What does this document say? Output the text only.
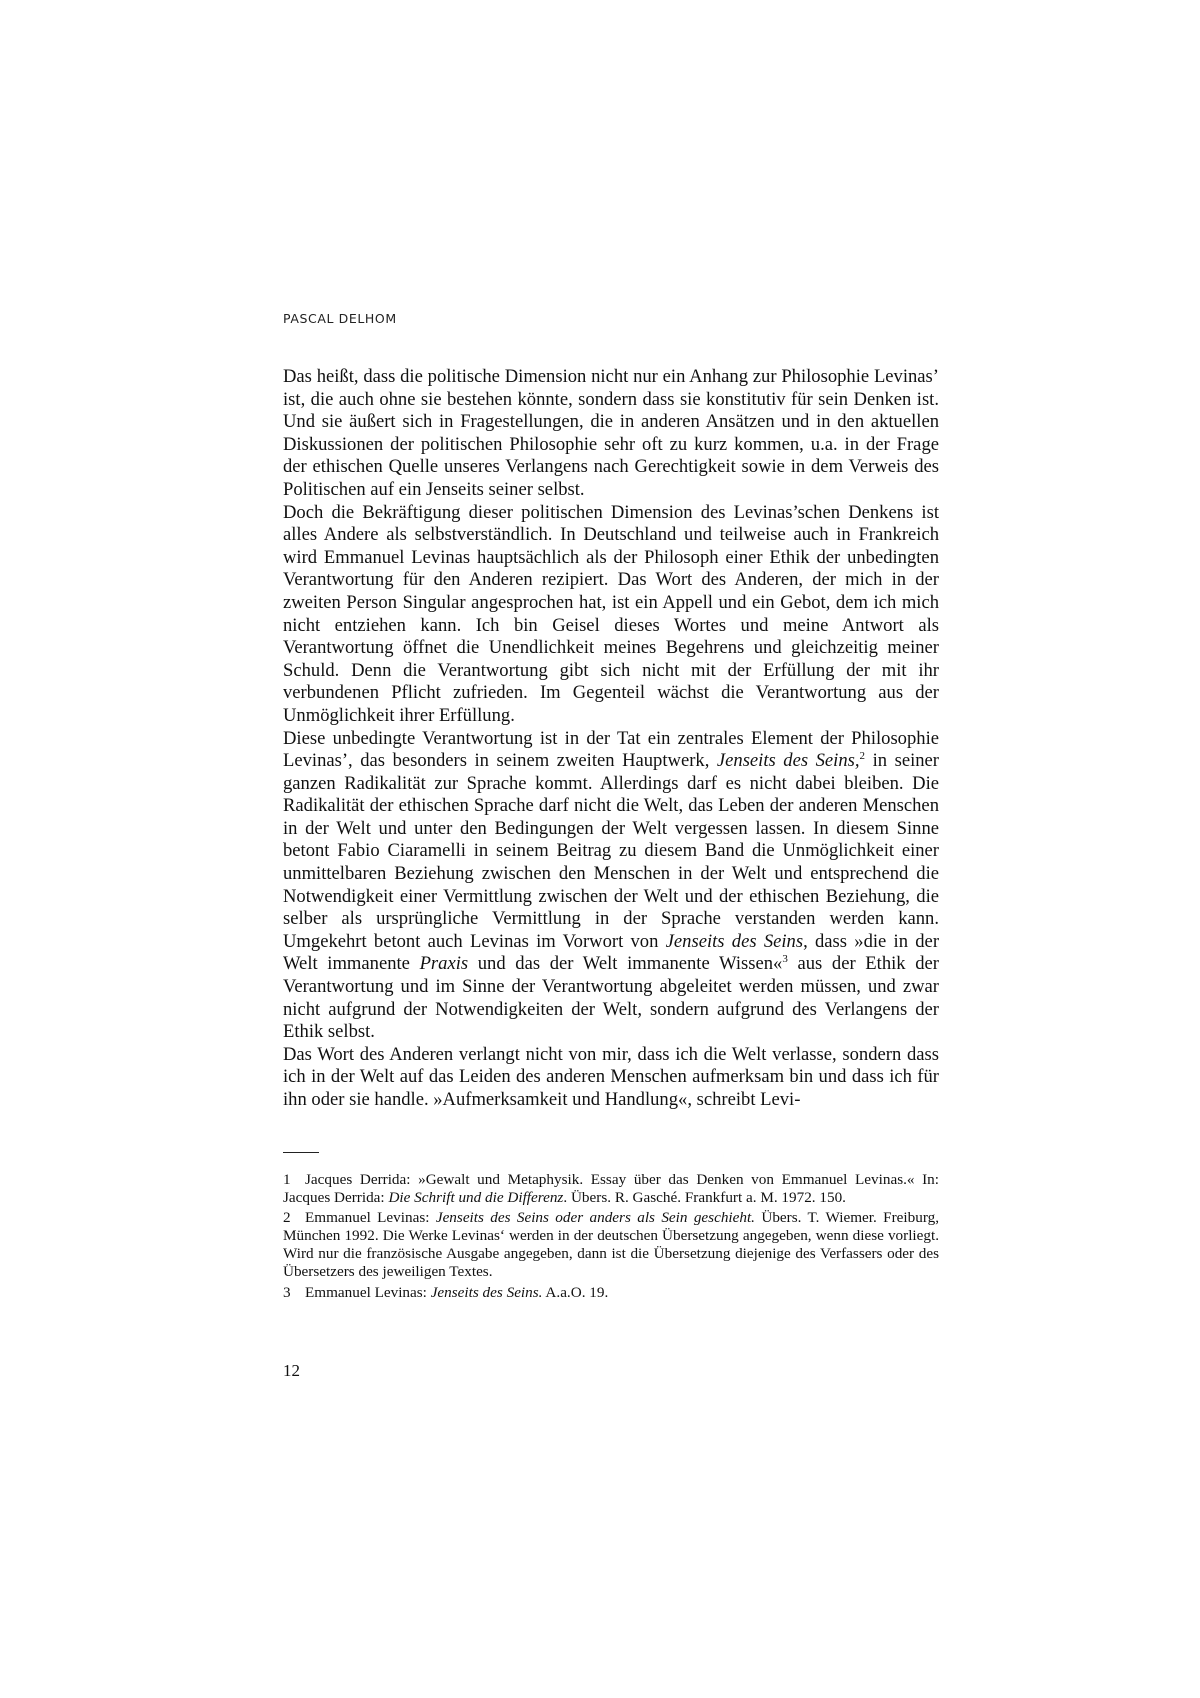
PASCAL DELHOM

Das heißt, dass die politische Dimension nicht nur ein Anhang zur Philosophie Levinas’ ist, die auch ohne sie bestehen könnte, sondern dass sie konstitutiv für sein Denken ist. Und sie äußert sich in Fragestellungen, die in anderen Ansätzen und in den aktuellen Diskussionen der politischen Philosophie sehr oft zu kurz kommen, u.a. in der Frage der ethischen Quelle unseres Verlangens nach Gerechtigkeit sowie in dem Verweis des Politischen auf ein Jenseits seiner selbst.

Doch die Bekräftigung dieser politischen Dimension des Levinas’schen Denkens ist alles Andere als selbstverständlich. In Deutschland und teilweise auch in Frankreich wird Emmanuel Levinas hauptsächlich als der Philosoph einer Ethik der unbedingten Verantwortung für den Anderen rezipiert. Das Wort des Anderen, der mich in der zweiten Person Singular angesprochen hat, ist ein Appell und ein Gebot, dem ich mich nicht entziehen kann. Ich bin Geisel dieses Wortes und meine Antwort als Verantwortung öffnet die Unendlichkeit meines Begehrens und gleichzeitig meiner Schuld. Denn die Verantwortung gibt sich nicht mit der Erfüllung der mit ihr verbundenen Pflicht zufrieden. Im Gegenteil wächst die Verantwortung aus der Unmöglichkeit ihrer Erfüllung.

Diese unbedingte Verantwortung ist in der Tat ein zentrales Element der Philosophie Levinas’, das besonders in seinem zweiten Hauptwerk, Jenseits des Seins,$^2$ in seiner ganzen Radikalität zur Sprache kommt. Allerdings darf es nicht dabei bleiben. Die Radikalität der ethischen Sprache darf nicht die Welt, das Leben der anderen Menschen in der Welt und unter den Bedingungen der Welt vergessen lassen. In diesem Sinne betont Fabio Ciaramelli in seinem Beitrag zu diesem Band die Unmöglichkeit einer unmittelbaren Beziehung zwischen den Menschen in der Welt und entsprechend die Notwendigkeit einer Vermittlung zwischen der Welt und der ethischen Beziehung, die selber als ursprüngliche Vermittlung in der Sprache verstanden werden kann. Umgekehrt betont auch Levinas im Vorwort von Jenseits des Seins, dass »die in der Welt immanente Praxis und das der Welt immanente Wissen«$^3$ aus der Ethik der Verantwortung und im Sinne der Verantwortung abgeleitet werden müssen, und zwar nicht aufgrund der Notwendigkeiten der Welt, sondern aufgrund des Verlangens der Ethik selbst.

Das Wort des Anderen verlangt nicht von mir, dass ich die Welt verlasse, sondern dass ich in der Welt auf das Leiden des anderen Menschen aufmerksam bin und dass ich für ihn oder sie handle. »Aufmerksamkeit und Handlung«, schreibt Levi-

1 Jacques Derrida: »Gewalt und Metaphysik. Essay über das Denken von Emmanuel Levinas.« In: Jacques Derrida: Die Schrift und die Differenz. Übers. R. Gasché. Frankfurt a. M. 1972. 150.

2 Emmanuel Levinas: Jenseits des Seins oder anders als Sein geschieht. Übers. T. Wiemer. Freiburg, München 1992. Die Werke Levinas‘ werden in der deutschen Übersetzung angegeben, wenn diese vorliegt. Wird nur die französische Ausgabe angegeben, dann ist die Übersetzung diejenige des Verfassers oder des Übersetzers des jeweiligen Textes.

3 Emmanuel Levinas: Jenseits des Seins. A.a.O. 19.

12
